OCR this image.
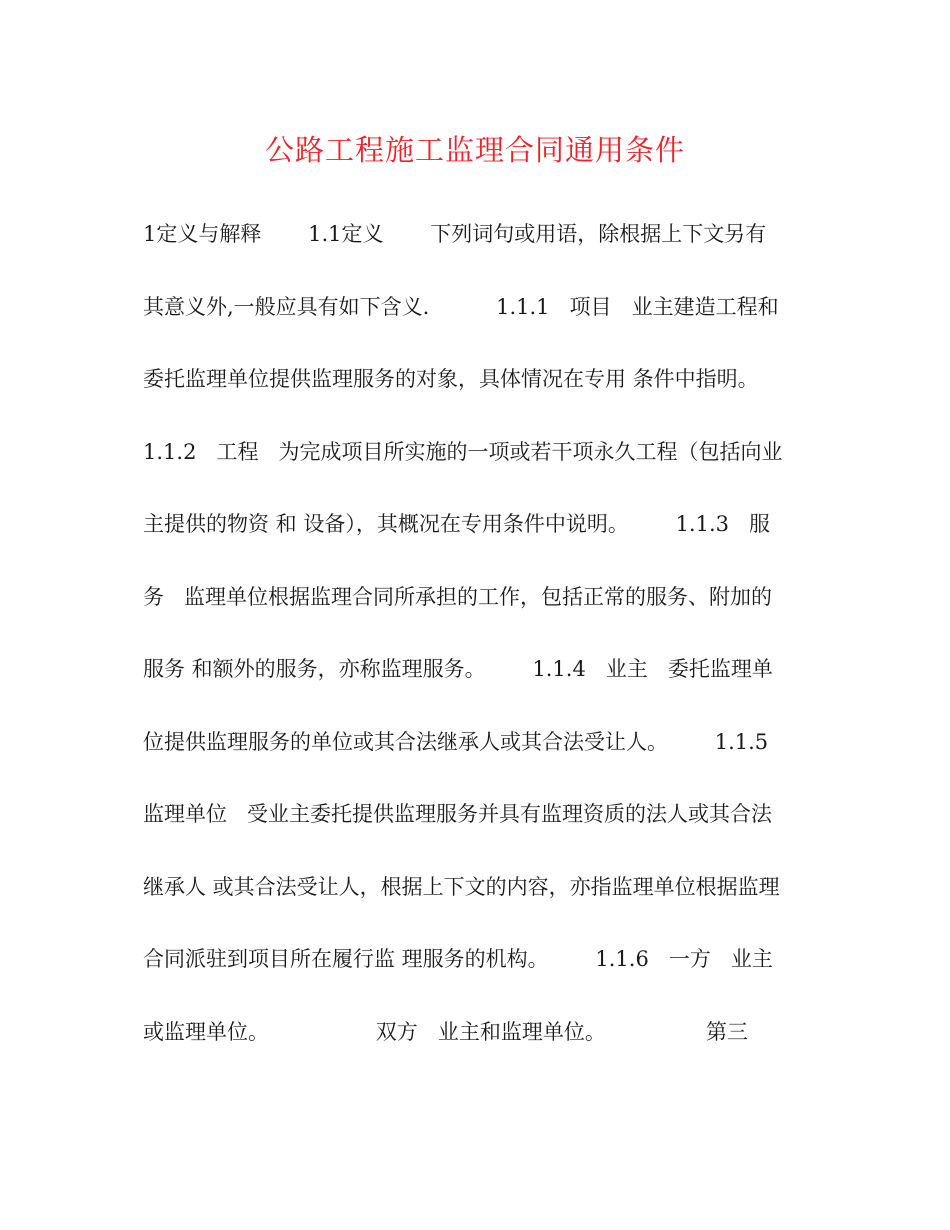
公路工程施工监理合同通用条件
1定义与解释       1.1定义       下列词句或用语，除根据上下文另有
其意义外,一般应具有如下含义.          1.1.1   项目   业主建造工程和
委托监理单位提供监理服务的对象，具体情况在专用 条件中指明。
1.1.2   工程   为完成项目所实施的一项或若干项永久工程（包括向业
主提供的物资 和 设备），其概况在专用条件中说明。       1.1.3   服
务   监理单位根据监理合同所承担的工作，包括正常的服务、附加的
服务 和额外的服务，亦称监理服务。       1.1.4   业主   委托监理单
位提供监理服务的单位或其合法继承人或其合法受让人。       1.1.5
监理单位   受业主委托提供监理服务并具有监理资质的法人或其合法
继承人 或其合法受让人，根据上下文的内容，亦指监理单位根据监理
合同派驻到项目所在履行监 理服务的机构。       1.1.6   一方   业主
或监理单位。                双方   业主和监理单位。               第三
